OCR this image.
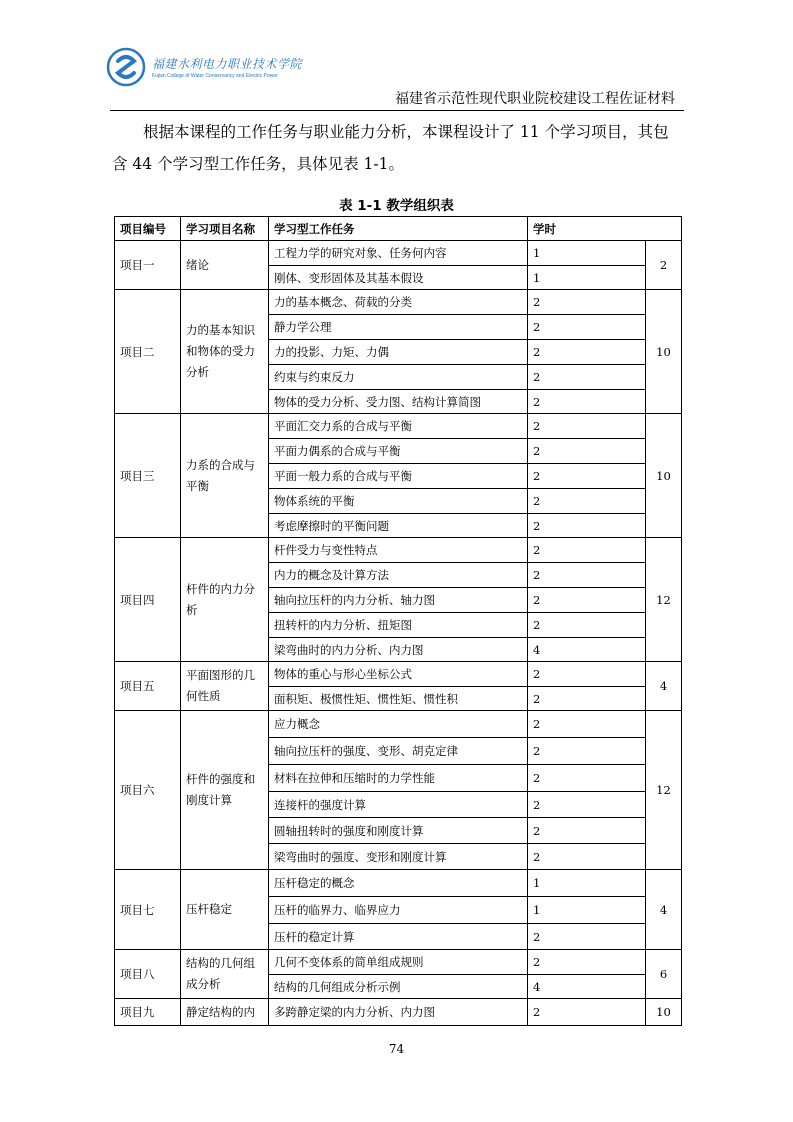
福建水利电力职业技术学院
Fujian College of Water Conservancy and Electric Power
福建省示范性现代职业院校建设工程佐证材料
根据本课程的工作任务与职业能力分析，本课程设计了 11 个学习项目，其包含 44 个学习型工作任务，具体见表 1-1。
表 1-1 教学组织表
项目编号	学习项目名称	学习型工作任务	学时	
项目一	绪论	工程力学的研究对象、任务何内容	1	2
		刚体、变形固体及其基本假设	1	
项目二	力的基本知识和物体的受力分析	力的基本概念、荷载的分类	2	10
		静力学公理	2	
		力的投影、力矩、力偶	2	
		约束与约束反力	2	
		物体的受力分析、受力图、结构计算简图	2	
项目三	力系的合成与平衡	平面汇交力系的合成与平衡	2	10
		平面力偶系的合成与平衡	2	
		平面一般力系的合成与平衡	2	
		物体系统的平衡	2	
		考虑摩擦时的平衡问题	2	
项目四	杆件的内力分析	杆件受力与变性特点	2	12
		内力的概念及计算方法	2	
		轴向拉压杆的内力分析、轴力图	2	
		扭转杆的内力分析、扭矩图	2	
		梁弯曲时的内力分析、内力图	4	
项目五	平面图形的几何性质	物体的重心与形心坐标公式	2	4
		面积矩、极惯性矩、惯性矩、惯性积	2	
项目六	杆件的强度和刚度计算	应力概念	2	12
		轴向拉压杆的强度、变形、胡克定律	2	
		材料在拉伸和压缩时的力学性能	2	
		连接杆的强度计算	2	
		圆轴扭转时的强度和刚度计算	2	
		梁弯曲时的强度、变形和刚度计算	2	
项目七	压杆稳定	压杆稳定的概念	1	4
		压杆的临界力、临界应力	1	
		压杆的稳定计算	2	
项目八	结构的几何组成分析	几何不变体系的简单组成规则	2	6
		结构的几何组成分析示例	4	
项目九	静定结构的内	多跨静定梁的内力分析、内力图	2	10
74
